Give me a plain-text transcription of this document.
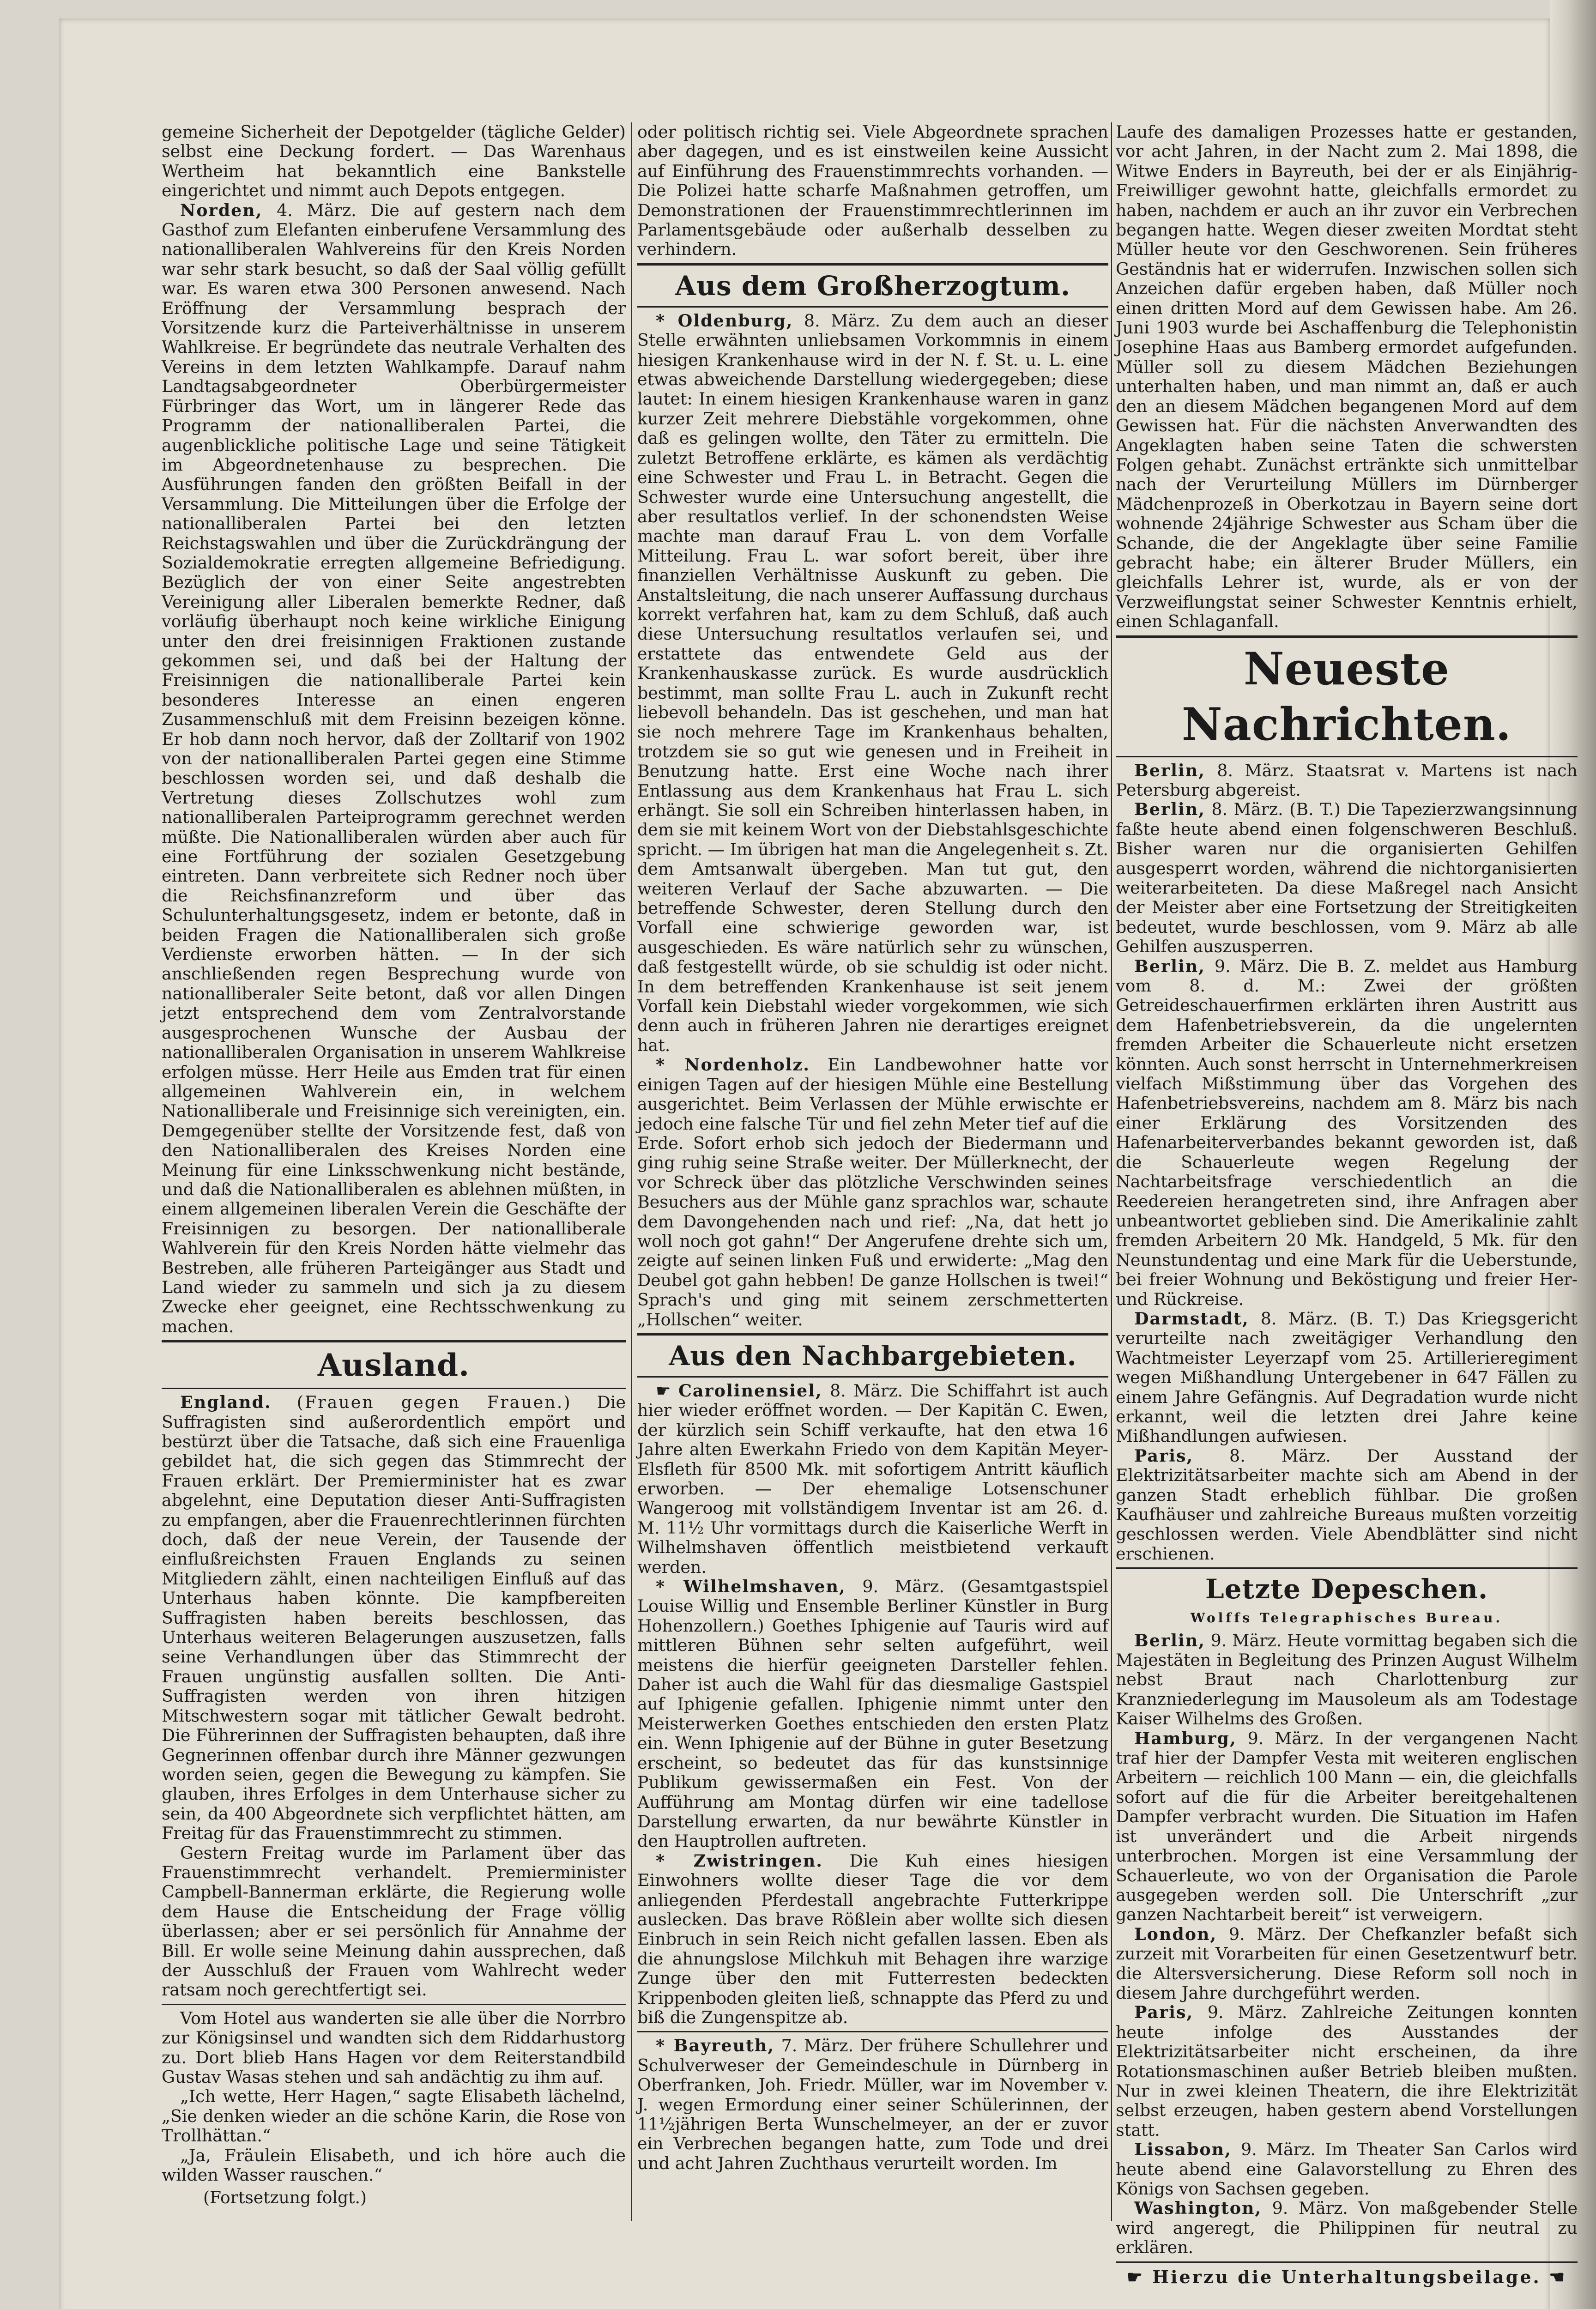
gemeine Sicherheit der Depotgelder (tägliche Gelder) selbst eine Deckung fordert. — Das Warenhaus Wertheim hat bekanntlich eine Bankstelle eingerichtet und nimmt auch Depots entgegen.

Norden, 4. März. Die auf gestern nach dem Gasthof zum Elefanten einberufene Versammlung des nationalliberalen Wahlvereins für den Kreis Norden war sehr stark besucht, so daß der Saal völlig gefüllt war. Es waren etwa 300 Personen anwesend. Nach Eröffnung der Versammlung besprach der Vorsitzende kurz die Parteiverhältnisse in unserem Wahlkreise. Er begründete das neutrale Verhalten des Vereins in dem letzten Wahlkampfe. Darauf nahm Landtagsabgeordneter Oberbürgermeister Fürbringer das Wort, um in längerer Rede das Programm der nationalliberalen Partei, die augenblickliche politische Lage und seine Tätigkeit im Abgeordnetenhause zu besprechen. Die Ausführungen fanden den größten Beifall in der Versammlung. Die Mitteilungen über die Erfolge der nationalliberalen Partei bei den letzten Reichstagswahlen und über die Zurückdrängung der Sozialdemokratie erregten allgemeine Befriedigung. Bezüglich der von einer Seite angestrebten Vereinigung aller Liberalen bemerkte Redner, daß vorläufig überhaupt noch keine wirkliche Einigung unter den drei freisinnigen Fraktionen zustande gekommen sei, und daß bei der Haltung der Freisinnigen die nationalliberale Partei kein besonderes Interesse an einen engeren Zusammenschluß mit dem Freisinn bezeigen könne. Er hob dann noch hervor, daß der Zolltarif von 1902 von der nationalliberalen Partei gegen eine Stimme beschlossen worden sei, und daß deshalb die Vertretung dieses Zollschutzes wohl zum nationalliberalen Parteiprogramm gerechnet werden müßte. Die Nationalliberalen würden aber auch für eine Fortführung der sozialen Gesetzgebung eintreten. Dann verbreitete sich Redner noch über die Reichsfinanzreform und über das Schulunterhaltungsgesetz, indem er betonte, daß in beiden Fragen die Nationalliberalen sich große Verdienste erworben hätten. — In der sich anschließenden regen Besprechung wurde von nationalliberaler Seite betont, daß vor allen Dingen jetzt entsprechend dem vom Zentralvorstande ausgesprochenen Wunsche der Ausbau der nationalliberalen Organisation in unserem Wahlkreise erfolgen müsse. Herr Heile aus Emden trat für einen allgemeinen Wahlverein ein, in welchem Nationalliberale und Freisinnige sich vereinigten, ein. Demgegenüber stellte der Vorsitzende fest, daß von den Nationalliberalen des Kreises Norden eine Meinung für eine Linksschwenkung nicht bestände, und daß die Nationalliberalen es ablehnen müßten, in einem allgemeinen liberalen Verein die Geschäfte der Freisinnigen zu besorgen. Der nationalliberale Wahlverein für den Kreis Norden hätte vielmehr das Bestreben, alle früheren Parteigänger aus Stadt und Land wieder zu sammeln und sich ja zu diesem Zwecke eher geeignet, eine Rechtsschwenkung zu machen.

Ausland.

England. (Frauen gegen Frauen.) Die Suffragisten sind außerordentlich empört und bestürzt über die Tatsache, daß sich eine Frauenliga gebildet hat, die sich gegen das Stimmrecht der Frauen erklärt. Der Premierminister hat es zwar abgelehnt, eine Deputation dieser Anti-Suffragisten zu empfangen, aber die Frauenrechtlerinnen fürchten doch, daß der neue Verein, der Tausende der einflußreichsten Frauen Englands zu seinen Mitgliedern zählt, einen nachteiligen Einfluß auf das Unterhaus haben könnte. Die kampfbereiten Suffragisten haben bereits beschlossen, das Unterhaus weiteren Belagerungen auszusetzen, falls seine Verhandlungen über das Stimmrecht der Frauen ungünstig ausfallen sollten. Die Anti-Suffragisten werden von ihren hitzigen Mitschwestern sogar mit tätlicher Gewalt bedroht. Die Führerinnen der Suffragisten behaupten, daß ihre Gegnerinnen offenbar durch ihre Männer gezwungen worden seien, gegen die Bewegung zu kämpfen. Sie glauben, ihres Erfolges in dem Unterhause sicher zu sein, da 400 Abgeordnete sich verpflichtet hätten, am Freitag für das Frauenstimmrecht zu stimmen.

Gestern Freitag wurde im Parlament über das Frauenstimmrecht verhandelt. Premierminister Campbell-Bannerman erklärte, die Regierung wolle dem Hause die Entscheidung der Frage völlig überlassen; aber er sei persönlich für Annahme der Bill. Er wolle seine Meinung dahin aussprechen, daß der Ausschluß der Frauen vom Wahlrecht weder ratsam noch gerechtfertigt sei.

Vom Hotel aus wanderten sie alle über die Norrbro zur Königsinsel und wandten sich dem Riddarhustorg zu. Dort blieb Hans Hagen vor dem Reiterstandbild Gustav Wasas stehen und sah andächtig zu ihm auf.

„Ich wette, Herr Hagen,“ sagte Elisabeth lächelnd, „Sie denken wieder an die schöne Karin, die Rose von Trollhättan.“

„Ja, Fräulein Elisabeth, und ich höre auch die wilden Wasser rauschen.“

(Fortsetzung folgt.)

oder politisch richtig sei. Viele Abgeordnete sprachen aber dagegen, und es ist einstweilen keine Aussicht auf Einführung des Frauenstimmrechts vorhanden. — Die Polizei hatte scharfe Maßnahmen getroffen, um Demonstrationen der Frauenstimmrechtlerinnen im Parlamentsgebäude oder außerhalb desselben zu verhindern.

Aus dem Großherzogtum.

* Oldenburg, 8. März. Zu dem auch an dieser Stelle erwähnten unliebsamen Vorkommnis in einem hiesigen Krankenhause wird in der N. f. St. u. L. eine etwas abweichende Darstellung wiedergegeben; diese lautet: In einem hiesigen Krankenhause waren in ganz kurzer Zeit mehrere Diebstähle vorgekommen, ohne daß es gelingen wollte, den Täter zu ermitteln. Die zuletzt Betroffene erklärte, es kämen als verdächtig eine Schwester und Frau L. in Betracht. Gegen die Schwester wurde eine Untersuchung angestellt, die aber resultatlos verlief. In der schonendsten Weise machte man darauf Frau L. von dem Vorfalle Mitteilung. Frau L. war sofort bereit, über ihre finanziellen Verhältnisse Auskunft zu geben. Die Anstaltsleitung, die nach unserer Auffassung durchaus korrekt verfahren hat, kam zu dem Schluß, daß auch diese Untersuchung resultatlos verlaufen sei, und erstattete das entwendete Geld aus der Krankenhauskasse zurück. Es wurde ausdrücklich bestimmt, man sollte Frau L. auch in Zukunft recht liebevoll behandeln. Das ist geschehen, und man hat sie noch mehrere Tage im Krankenhaus behalten, trotzdem sie so gut wie genesen und in Freiheit in Benutzung hatte. Erst eine Woche nach ihrer Entlassung aus dem Krankenhaus hat Frau L. sich erhängt. Sie soll ein Schreiben hinterlassen haben, in dem sie mit keinem Wort von der Diebstahlsgeschichte spricht. — Im übrigen hat man die Angelegenheit s. Zt. dem Amtsanwalt übergeben. Man tut gut, den weiteren Verlauf der Sache abzuwarten. — Die betreffende Schwester, deren Stellung durch den Vorfall eine schwierige geworden war, ist ausgeschieden. Es wäre natürlich sehr zu wünschen, daß festgestellt würde, ob sie schuldig ist oder nicht. In dem betreffenden Krankenhause ist seit jenem Vorfall kein Diebstahl wieder vorgekommen, wie sich denn auch in früheren Jahren nie derartiges ereignet hat.

* Nordenholz. Ein Landbewohner hatte vor einigen Tagen auf der hiesigen Mühle eine Bestellung ausgerichtet. Beim Verlassen der Mühle erwischte er jedoch eine falsche Tür und fiel zehn Meter tief auf die Erde. Sofort erhob sich jedoch der Biedermann und ging ruhig seine Straße weiter. Der Müllerknecht, der vor Schreck über das plötzliche Verschwinden seines Besuchers aus der Mühle ganz sprachlos war, schaute dem Davongehenden nach und rief: „Na, dat hett jo woll noch got gahn!“ Der Angerufene drehte sich um, zeigte auf seinen linken Fuß und erwiderte: „Mag den Deubel got gahn hebben! De ganze Hollschen is twei!“ Sprach's und ging mit seinem zerschmetterten „Hollschen“ weiter.

Aus den Nachbargebieten.

☛ Carolinensiel, 8. März. Die Schiffahrt ist auch hier wieder eröffnet worden. — Der Kapitän C. Ewen, der kürzlich sein Schiff verkaufte, hat den etwa 16 Jahre alten Ewerkahn Friedo von dem Kapitän Meyer-Elsfleth für 8500 Mk. mit sofortigem Antritt käuflich erworben. — Der ehemalige Lotsenschuner Wangeroog mit vollständigem Inventar ist am 26. d. M. 11½ Uhr vormittags durch die Kaiserliche Werft in Wilhelmshaven öffentlich meistbietend verkauft werden.

* Wilhelmshaven, 9. März. (Gesamtgastspiel Louise Willig und Ensemble Berliner Künstler in Burg Hohenzollern.) Goethes Iphigenie auf Tauris wird auf mittleren Bühnen sehr selten aufgeführt, weil meistens die hierfür geeigneten Darsteller fehlen. Daher ist auch die Wahl für das diesmalige Gastspiel auf Iphigenie gefallen. Iphigenie nimmt unter den Meisterwerken Goethes entschieden den ersten Platz ein. Wenn Iphigenie auf der Bühne in guter Besetzung erscheint, so bedeutet das für das kunstsinnige Publikum gewissermaßen ein Fest. Von der Aufführung am Montag dürfen wir eine tadellose Darstellung erwarten, da nur bewährte Künstler in den Hauptrollen auftreten.

* Zwistringen. Die Kuh eines hiesigen Einwohners wollte dieser Tage die vor dem anliegenden Pferdestall angebrachte Futterkrippe auslecken. Das brave Rößlein aber wollte sich diesen Einbruch in sein Reich nicht gefallen lassen. Eben als die ahnungslose Milchkuh mit Behagen ihre warzige Zunge über den mit Futterresten bedeckten Krippenboden gleiten ließ, schnappte das Pferd zu und biß die Zungenspitze ab.

* Bayreuth, 7. März. Der frühere Schullehrer und Schulverweser der Gemeindeschule in Dürnberg in Oberfranken, Joh. Friedr. Müller, war im November v. J. wegen Ermordung einer seiner Schülerinnen, der 11½jährigen Berta Wunschelmeyer, an der er zuvor ein Verbrechen begangen hatte, zum Tode und drei und acht Jahren Zuchthaus verurteilt worden. Im

Laufe des damaligen Prozesses hatte er gestanden, vor acht Jahren, in der Nacht zum 2. Mai 1898, die Witwe Enders in Bayreuth, bei der er als Einjährig-Freiwilliger gewohnt hatte, gleichfalls ermordet zu haben, nachdem er auch an ihr zuvor ein Verbrechen begangen hatte. Wegen dieser zweiten Mordtat steht Müller heute vor den Geschworenen. Sein früheres Geständnis hat er widerrufen. Inzwischen sollen sich Anzeichen dafür ergeben haben, daß Müller noch einen dritten Mord auf dem Gewissen habe. Am 26. Juni 1903 wurde bei Aschaffenburg die Telephonistin Josephine Haas aus Bamberg ermordet aufgefunden. Müller soll zu diesem Mädchen Beziehungen unterhalten haben, und man nimmt an, daß er auch den an diesem Mädchen begangenen Mord auf dem Gewissen hat. Für die nächsten Anverwandten des Angeklagten haben seine Taten die schwersten Folgen gehabt. Zunächst ertränkte sich unmittelbar nach der Verurteilung Müllers im Dürnberger Mädchenprozeß in Oberkotzau in Bayern seine dort wohnende 24jährige Schwester aus Scham über die Schande, die der Angeklagte über seine Familie gebracht habe; ein älterer Bruder Müllers, ein gleichfalls Lehrer ist, wurde, als er von der Verzweiflungstat seiner Schwester Kenntnis erhielt, einen Schlaganfall.

Neueste Nachrichten.

Berlin, 8. März. Staatsrat v. Martens ist nach Petersburg abgereist.

Berlin, 8. März. (B. T.) Die Tapezierzwangsinnung faßte heute abend einen folgenschweren Beschluß. Bisher waren nur die organisierten Gehilfen ausgesperrt worden, während die nichtorganisierten weiterarbeiteten. Da diese Maßregel nach Ansicht der Meister aber eine Fortsetzung der Streitigkeiten bedeutet, wurde beschlossen, vom 9. März ab alle Gehilfen auszusperren.

Berlin, 9. März. Die B. Z. meldet aus Hamburg vom 8. d. M.: Zwei der größten Getreideschauerfirmen erklärten ihren Austritt aus dem Hafenbetriebsverein, da die ungelernten fremden Arbeiter die Schauerleute nicht ersetzen könnten. Auch sonst herrscht in Unternehmerkreisen vielfach Mißstimmung über das Vorgehen des Hafenbetriebsvereins, nachdem am 8. März bis nach einer Erklärung des Vorsitzenden des Hafenarbeiterverbandes bekannt geworden ist, daß die Schauerleute wegen Regelung der Nachtarbeitsfrage verschiedentlich an die Reedereien herangetreten sind, ihre Anfragen aber unbeantwortet geblieben sind. Die Amerikalinie zahlt fremden Arbeitern 20 Mk. Handgeld, 5 Mk. für den Neunstundentag und eine Mark für die Ueberstunde, bei freier Wohnung und Beköstigung und freier Her- und Rückreise.

Darmstadt, 8. März. (B. T.) Das Kriegsgericht verurteilte nach zweitägiger Verhandlung den Wachtmeister Leyerzapf vom 25. Artillerieregiment wegen Mißhandlung Untergebener in 647 Fällen zu einem Jahre Gefängnis. Auf Degradation wurde nicht erkannt, weil die letzten drei Jahre keine Mißhandlungen aufwiesen.

Paris, 8. März. Der Ausstand der Elektrizitätsarbeiter machte sich am Abend in der ganzen Stadt erheblich fühlbar. Die großen Kaufhäuser und zahlreiche Bureaus mußten vorzeitig geschlossen werden. Viele Abendblätter sind nicht erschienen.

Letzte Depeschen.
Wolffs Telegraphisches Bureau.

Berlin, 9. März. Heute vormittag begaben sich die Majestäten in Begleitung des Prinzen August Wilhelm nebst Braut nach Charlottenburg zur Kranzniederlegung im Mausoleum als am Todestage Kaiser Wilhelms des Großen.

Hamburg, 9. März. In der vergangenen Nacht traf hier der Dampfer Vesta mit weiteren englischen Arbeitern — reichlich 100 Mann — ein, die gleichfalls sofort auf die für die Arbeiter bereitgehaltenen Dampfer verbracht wurden. Die Situation im Hafen ist unverändert und die Arbeit nirgends unterbrochen. Morgen ist eine Versammlung der Schauerleute, wo von der Organisation die Parole ausgegeben werden soll. Die Unterschrift „zur ganzen Nachtarbeit bereit“ ist verweigern.

London, 9. März. Der Chefkanzler befaßt sich zurzeit mit Vorarbeiten für einen Gesetzentwurf betr. die Altersversicherung. Diese Reform soll noch in diesem Jahre durchgeführt werden.

Paris, 9. März. Zahlreiche Zeitungen konnten heute infolge des Ausstandes der Elektrizitätsarbeiter nicht erscheinen, da ihre Rotationsmaschinen außer Betrieb bleiben mußten. Nur in zwei kleinen Theatern, die ihre Elektrizität selbst erzeugen, haben gestern abend Vorstellungen statt.

Lissabon, 9. März. Im Theater San Carlos wird heute abend eine Galavorstellung zu Ehren des Königs von Sachsen gegeben.

Washington, 9. März. Von maßgebender Stelle wird angeregt, die Philippinen für neutral zu erklären.

☛ Hierzu die Unterhaltungsbeilage. ☚
